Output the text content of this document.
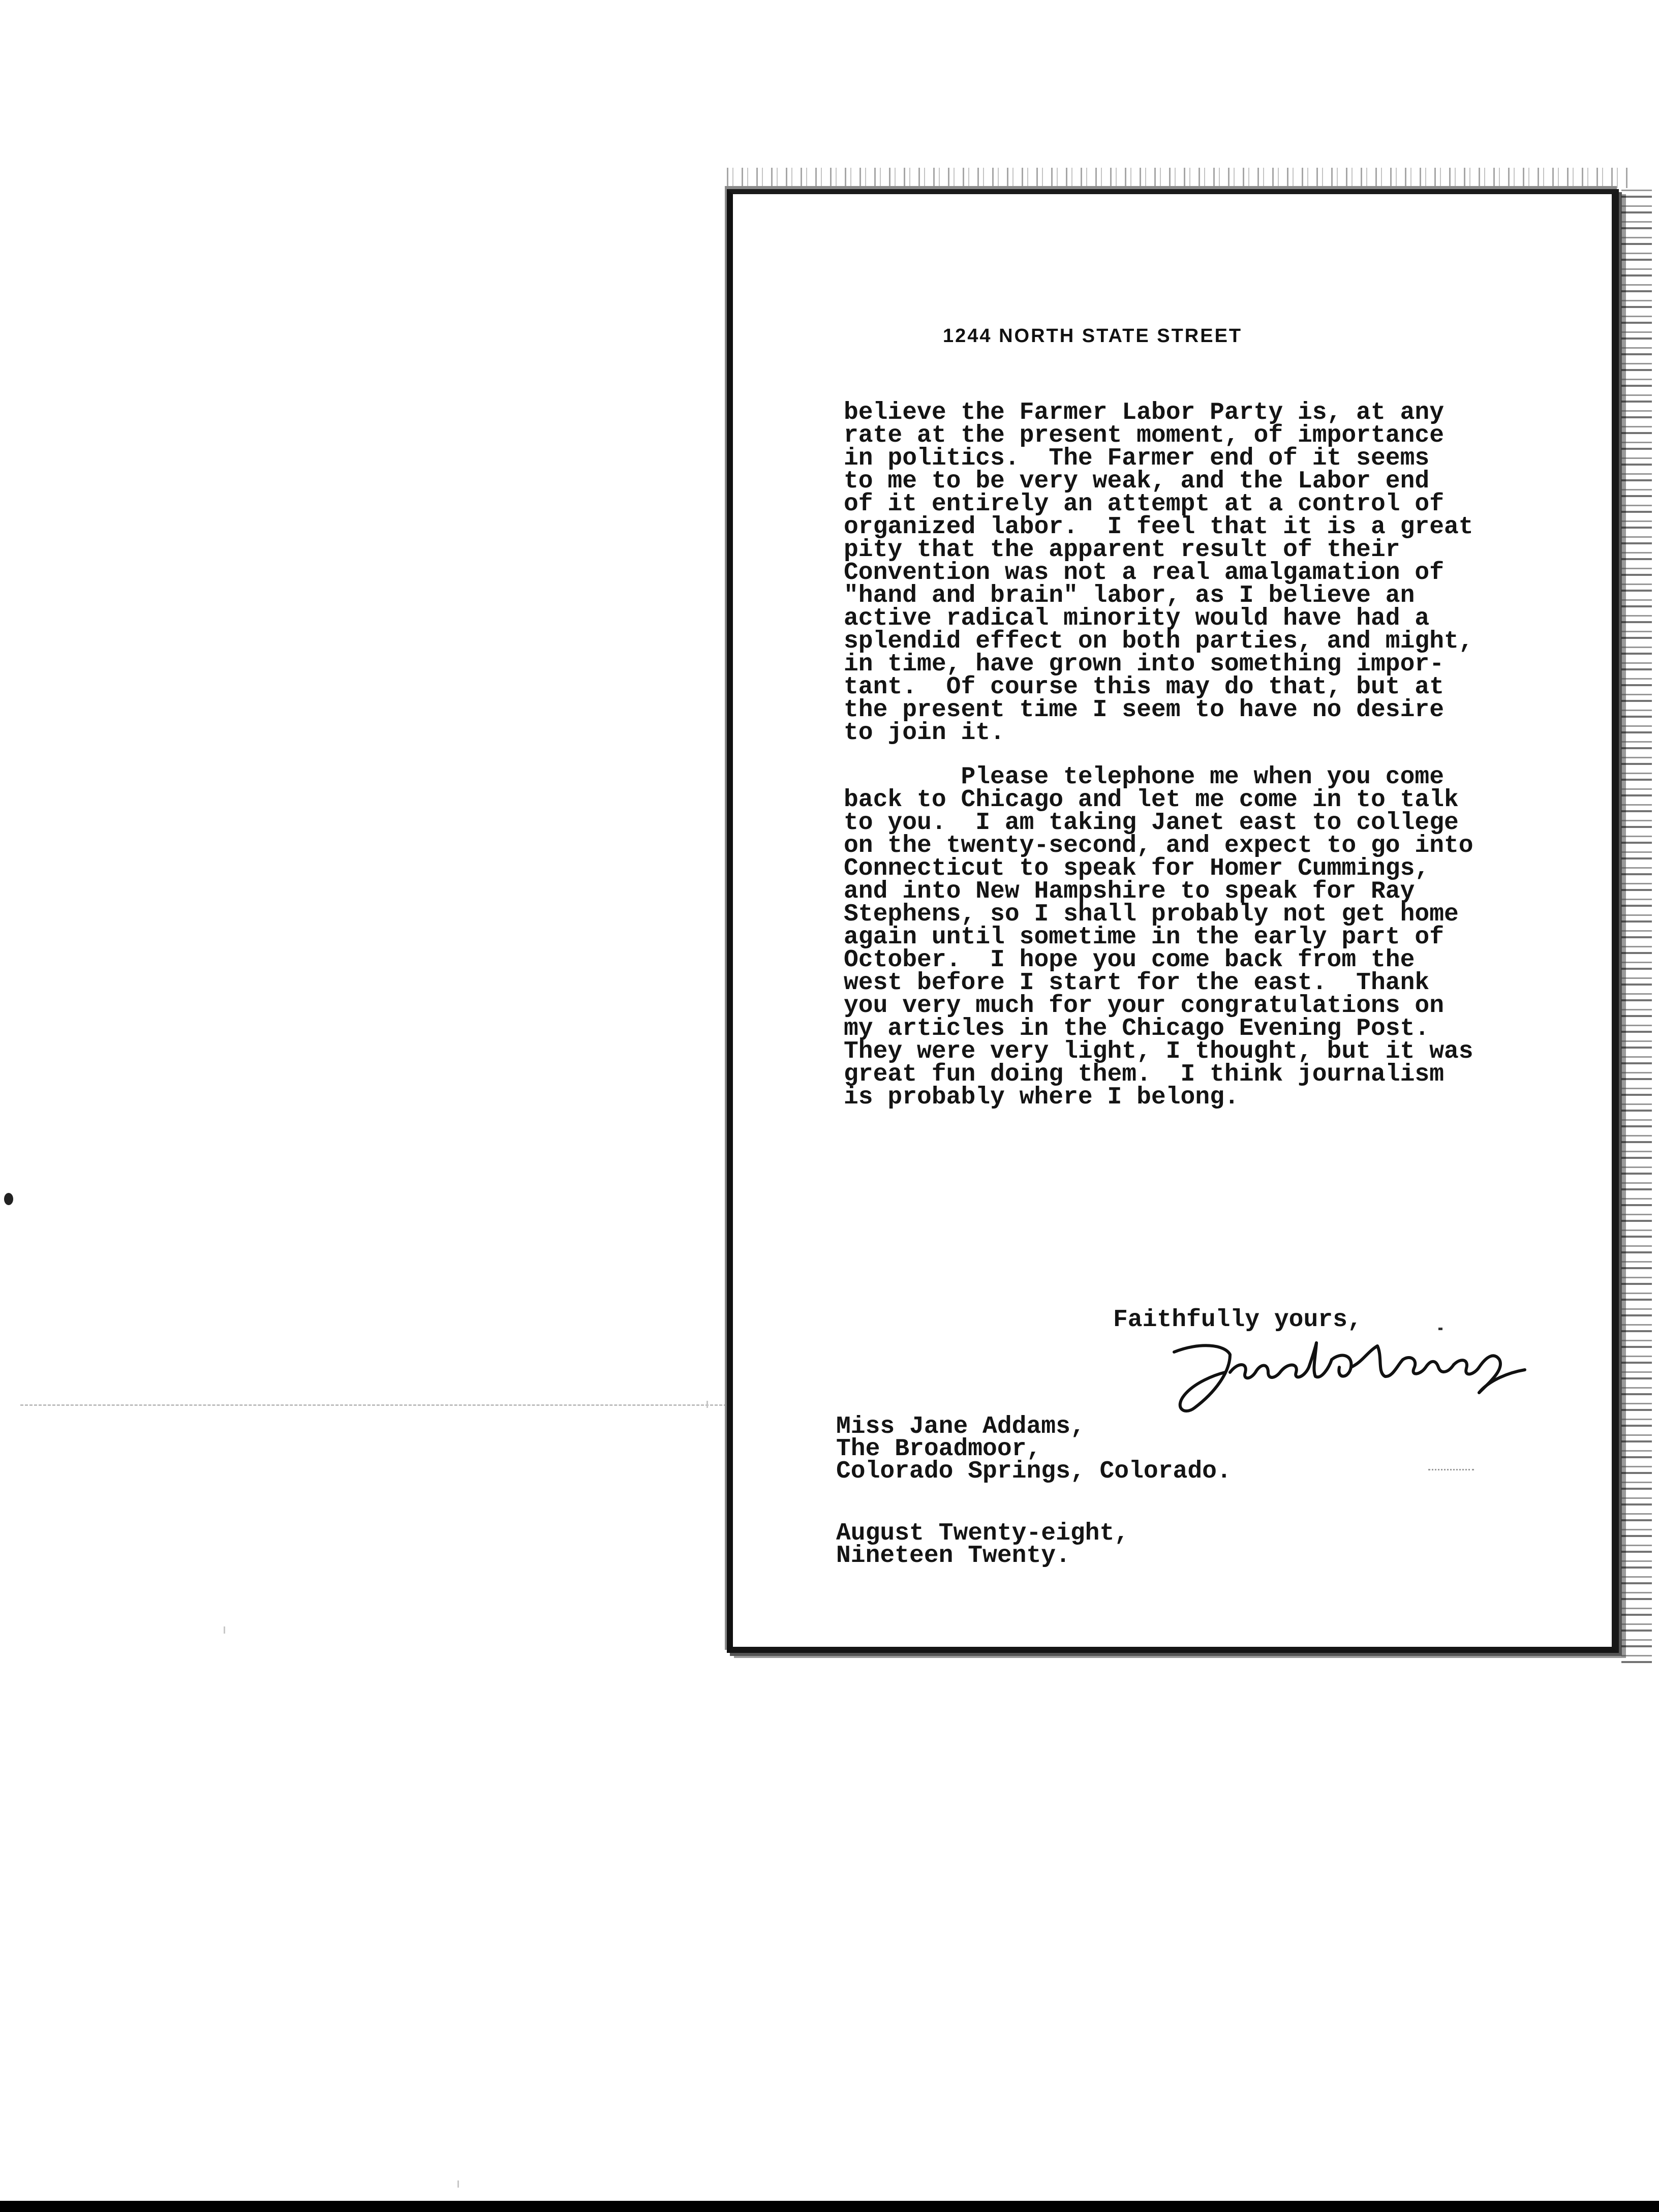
1244 NORTH STATE STREET
believe the Farmer Labor Party is, at any
rate at the present moment, of importance
in politics.  The Farmer end of it seems
to me to be very weak, and the Labor end
of it entirely an attempt at a control of
organized labor.  I feel that it is a great
pity that the apparent result of their
Convention was not a real amalgamation of
"hand and brain" labor, as I believe an
active radical minority would have had a
splendid effect on both parties, and might,
in time, have grown into something impor-
tant.  Of course this may do that, but at
the present time I seem to have no desire
to join it.
Please telephone me when you come
back to Chicago and let me come in to talk
to you.  I am taking Janet east to college
on the twenty-second, and expect to go into
Connecticut to speak for Homer Cummings,
and into New Hampshire to speak for Ray
Stephens, so I shall probably not get home
again until sometime in the early part of
October.  I hope you come back from the
west before I start for the east.  Thank
you very much for your congratulations on
my articles in the Chicago Evening Post.
They were very light, I thought, but it was
great fun doing them.  I think journalism
is probably where I belong.
Faithfully yours,
Miss Jane Addams,
The Broadmoor,
Colorado Springs, Colorado.
August Twenty-eight,
Nineteen Twenty.
